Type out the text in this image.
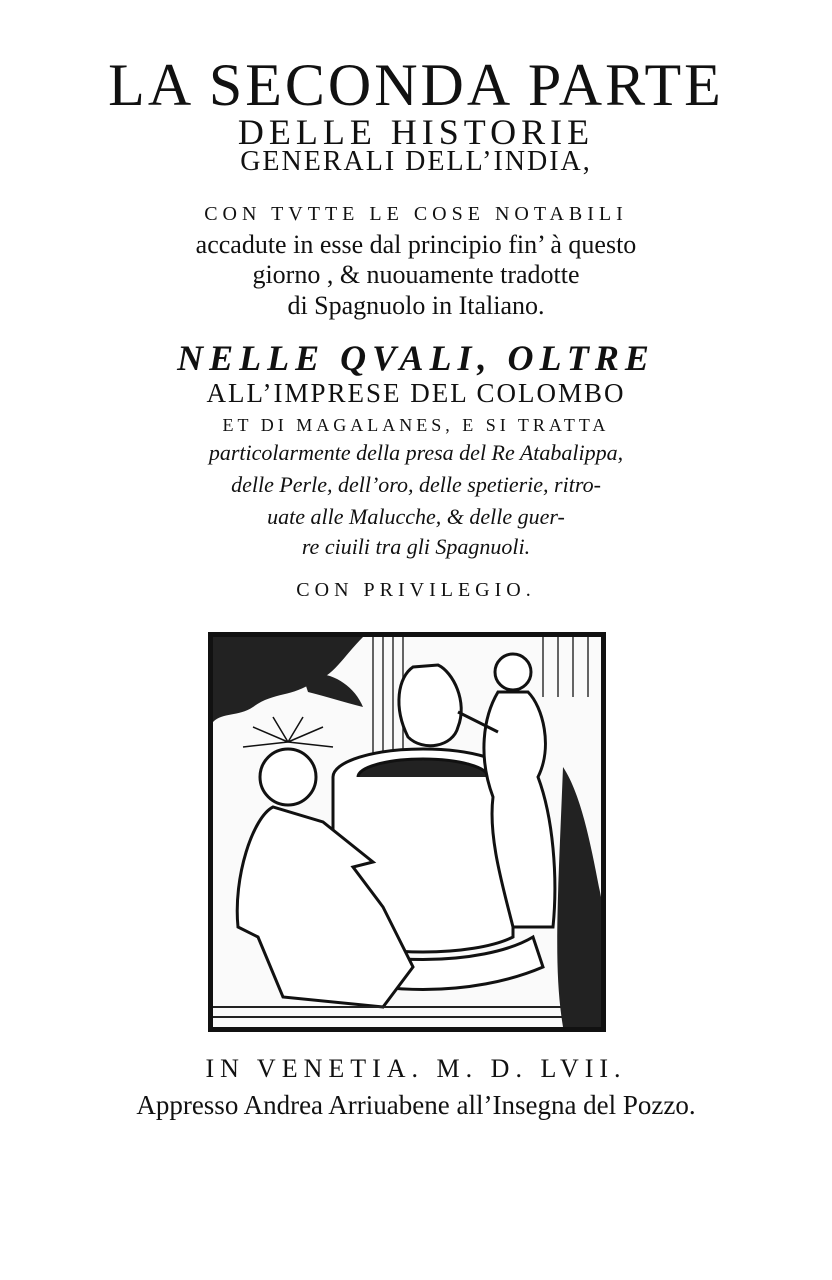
LA SECONDA PARTE
DELLE HISTORIE
GENERALI DELL’INDIA,
CON TVTTE LE COSE NOTABILI
accadute in esse dal principio fin’ à questo
giorno , & nuouamente tradotte
di Spagnuolo in Italiano.
NELLE QVALI, OLTRE
ALL’IMPRESE DEL COLOMBO
ET DI MAGALANES, E SI TRATTA
particolarmente della presa del Re Atabalippa,
delle Perle, dell’oro, delle spetierie, ritro-
uate alle Malucche, & delle guer-
re ciuili tra gli Spagnuoli.
CON PRIVILEGIO.
IN VENETIA. M. D. LVII.
Appresso Andrea Arriuabene all’Insegna del Pozzo.
